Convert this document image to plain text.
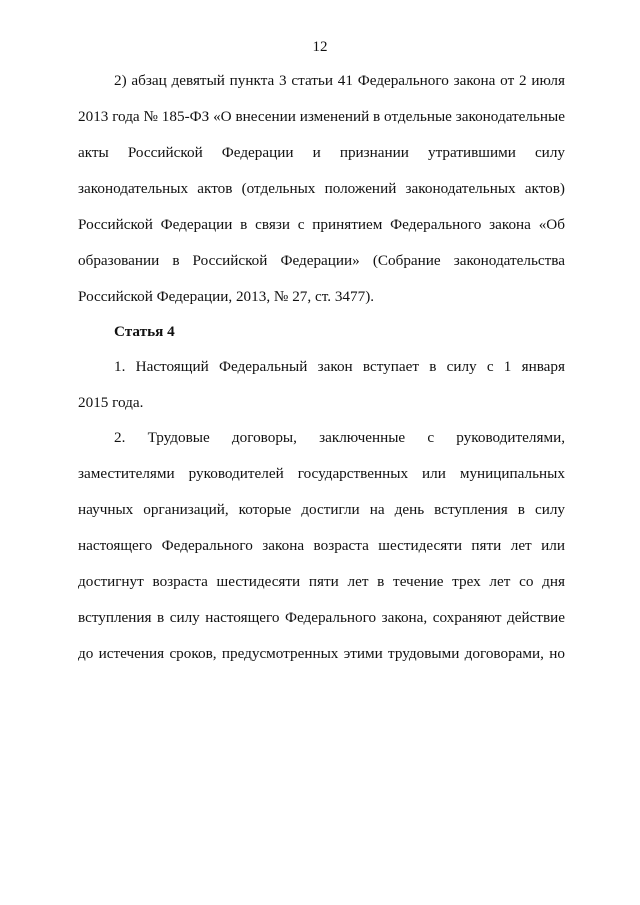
12

2) абзац девятый пункта 3 статьи 41 Федерального закона от 2 июля

2013 года № 185-ФЗ «О внесении изменений в отдельные законодательные

акты Российской Федерации и признании утратившими силу

законодательных актов (отдельных положений законодательных актов)

Российской Федерации в связи с принятием Федерального закона «Об

образовании в Российской Федерации» (Собрание законодательства

Российской Федерации, 2013, № 27, ст. 3477).

Статья 4

1. Настоящий Федеральный закон вступает в силу с 1 января

2015 года.

2. Трудовые договоры, заключенные с руководителями,

заместителями руководителей государственных или муниципальных

научных организаций, которые достигли на день вступления в силу

настоящего Федерального закона возраста шестидесяти пяти лет или

достигнут возраста шестидесяти пяти лет в течение трех лет со дня

вступления в силу настоящего Федерального закона, сохраняют действие

до истечения сроков, предусмотренных этими трудовыми договорами, но
